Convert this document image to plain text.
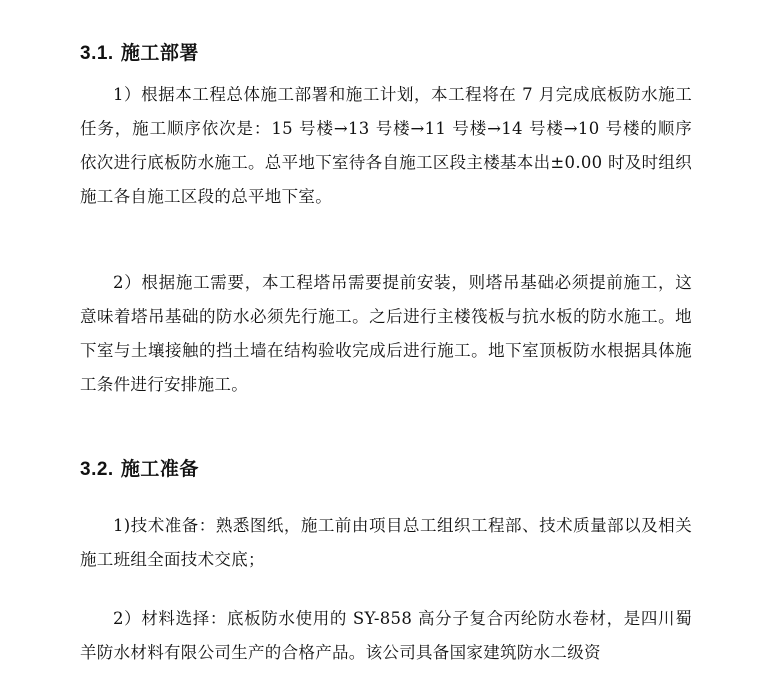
3.1. 施工部署

1）根据本工程总体施工部署和施工计划，本工程将在 7 月完成底板防水施工任务，施工顺序依次是：15 号楼→13 号楼→11 号楼→14 号楼→10 号楼的顺序依次进行底板防水施工。总平地下室待各自施工区段主楼基本出±0.00 时及时组织施工各自施工区段的总平地下室。

2）根据施工需要，本工程塔吊需要提前安装，则塔吊基础必须提前施工，这意味着塔吊基础的防水必须先行施工。之后进行主楼筏板与抗水板的防水施工。地下室与土壤接触的挡土墙在结构验收完成后进行施工。地下室顶板防水根据具体施工条件进行安排施工。

3.2. 施工准备

1)技术准备：熟悉图纸，施工前由项目总工组织工程部、技术质量部以及相关施工班组全面技术交底；

2）材料选择：底板防水使用的 SY-858 高分子复合丙纶防水卷材，是四川蜀羊防水材料有限公司生产的合格产品。该公司具备国家建筑防水二级资
